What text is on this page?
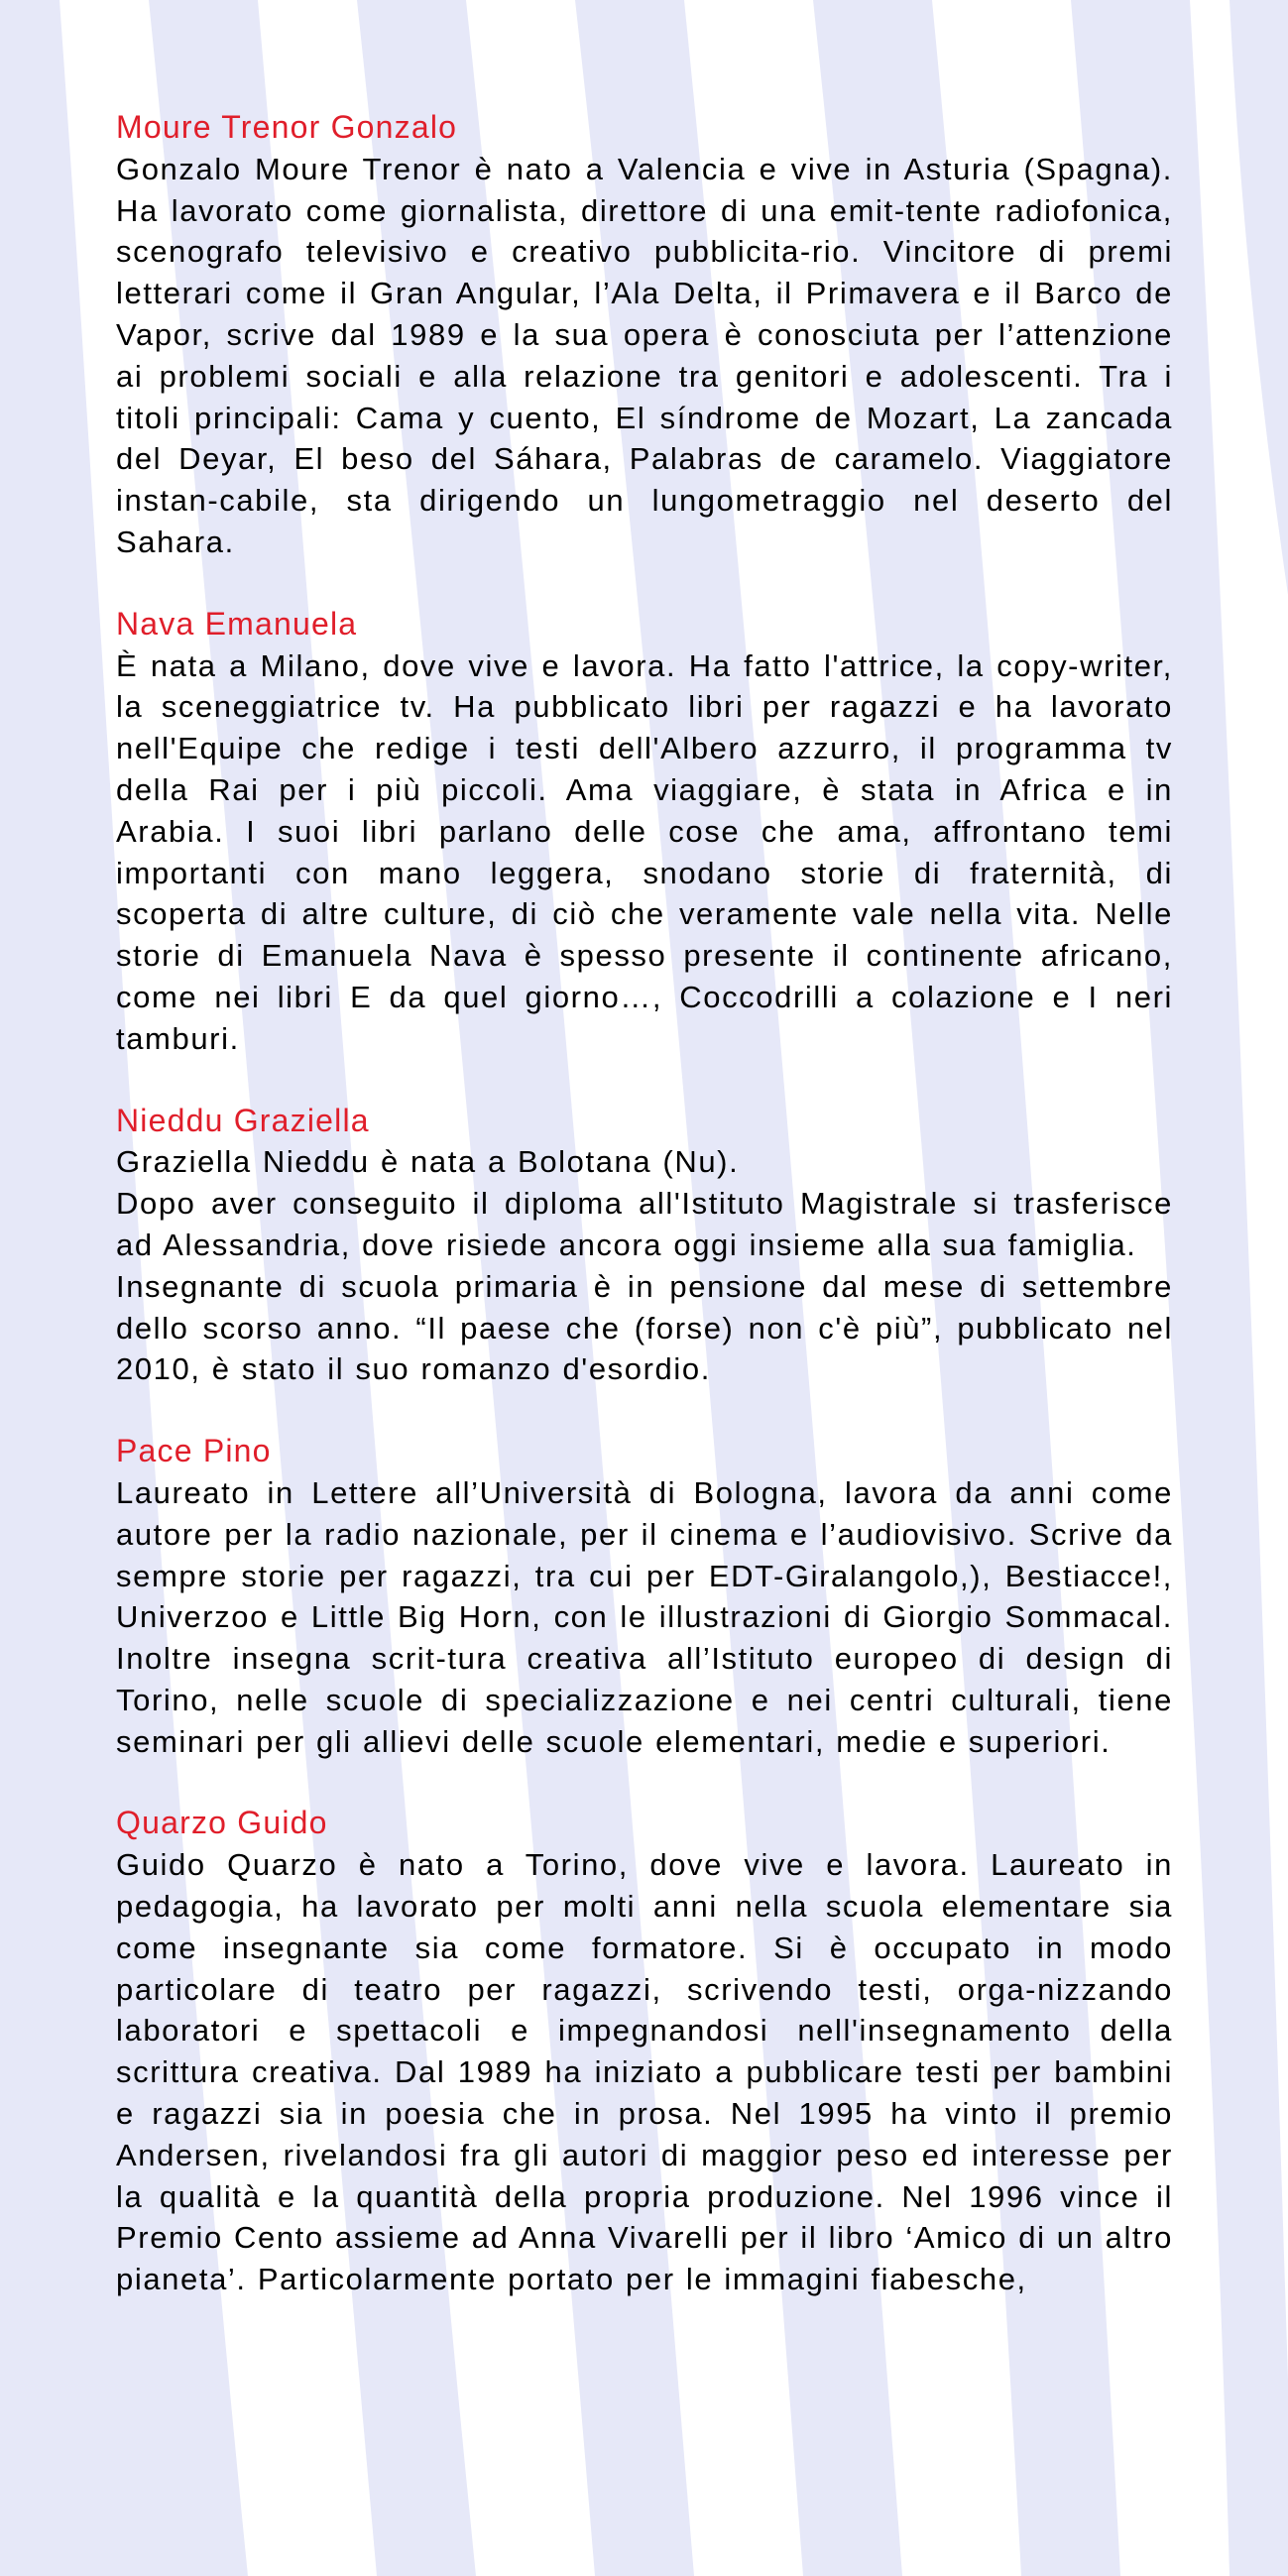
Moure Trenor Gonzalo

Gonzalo Moure Trenor è nato a Valencia e vive in Asturia (Spagna). Ha lavorato come giornalista, direttore di una emit-tente radiofonica, scenografo televisivo e creativo pubblicita-rio. Vincitore di premi letterari come il Gran Angular, l’Ala Delta, il Primavera e il Barco de Vapor, scrive dal 1989 e la sua opera è conosciuta per l’attenzione ai problemi sociali e alla relazione tra genitori e adolescenti. Tra i titoli principali: Cama y cuento, El síndrome de Mozart, La zancada del Deyar, El beso del Sáhara, Palabras de caramelo. Viaggiatore instan-cabile, sta dirigendo un lungometraggio nel deserto del Sahara.

Nava Emanuela

È nata a Milano, dove vive e lavora. Ha fatto l'attrice, la copy-writer, la sceneggiatrice tv. Ha pubblicato libri per ragazzi e ha lavorato nell'Equipe che redige i testi dell'Albero azzurro, il programma tv della Rai per i più piccoli. Ama viaggiare, è stata in Africa e in Arabia. I suoi libri parlano delle cose che ama, affrontano temi importanti con mano leggera, snodano storie di fraternità, di scoperta di altre culture, di ciò che veramente vale nella vita. Nelle storie di Emanuela Nava è spesso presente il continente africano, come nei libri E da quel giorno…, Coccodrilli a colazione e I neri tamburi.

Nieddu Graziella

Graziella Nieddu è nata a Bolotana (Nu).

Dopo aver conseguito il diploma all'Istituto Magistrale si trasferisce ad Alessandria, dove risiede ancora oggi insieme alla sua famiglia.

Insegnante di scuola primaria è in pensione dal mese di settembre dello scorso anno. “Il paese che (forse) non c'è più”, pubblicato nel 2010, è stato il suo romanzo d'esordio.

Pace Pino

Laureato in Lettere all’Università di Bologna, lavora da anni come autore per la radio nazionale, per il cinema e l’audiovisivo. Scrive da sempre storie per ragazzi, tra cui per EDT-Giralangolo,), Bestiacce!, Univerzoo e Little Big Horn, con le illustrazioni di Giorgio Sommacal. Inoltre insegna scrit-tura creativa all’Istituto europeo di design di Torino, nelle scuole di specializzazione e nei centri culturali, tiene seminari per gli allievi delle scuole elementari, medie e superiori.

Quarzo Guido

Guido Quarzo è nato a Torino, dove vive e lavora. Laureato in pedagogia, ha lavorato per molti anni nella scuola elementare sia come insegnante sia come formatore. Si è occupato in modo particolare di teatro per ragazzi, scrivendo testi, orga-nizzando laboratori e spettacoli e impegnandosi nell'insegnamento della scrittura creativa. Dal 1989 ha iniziato a pubblicare testi per bambini e ragazzi sia in poesia che in prosa. Nel 1995 ha vinto il premio Andersen, rivelandosi fra gli autori di maggior peso ed interesse per la qualità e la quantità della propria produzione. Nel 1996 vince il Premio Cento assieme ad Anna Vivarelli per il libro ‘Amico di un altro pianeta’. Particolarmente portato per le immagini fiabesche,
